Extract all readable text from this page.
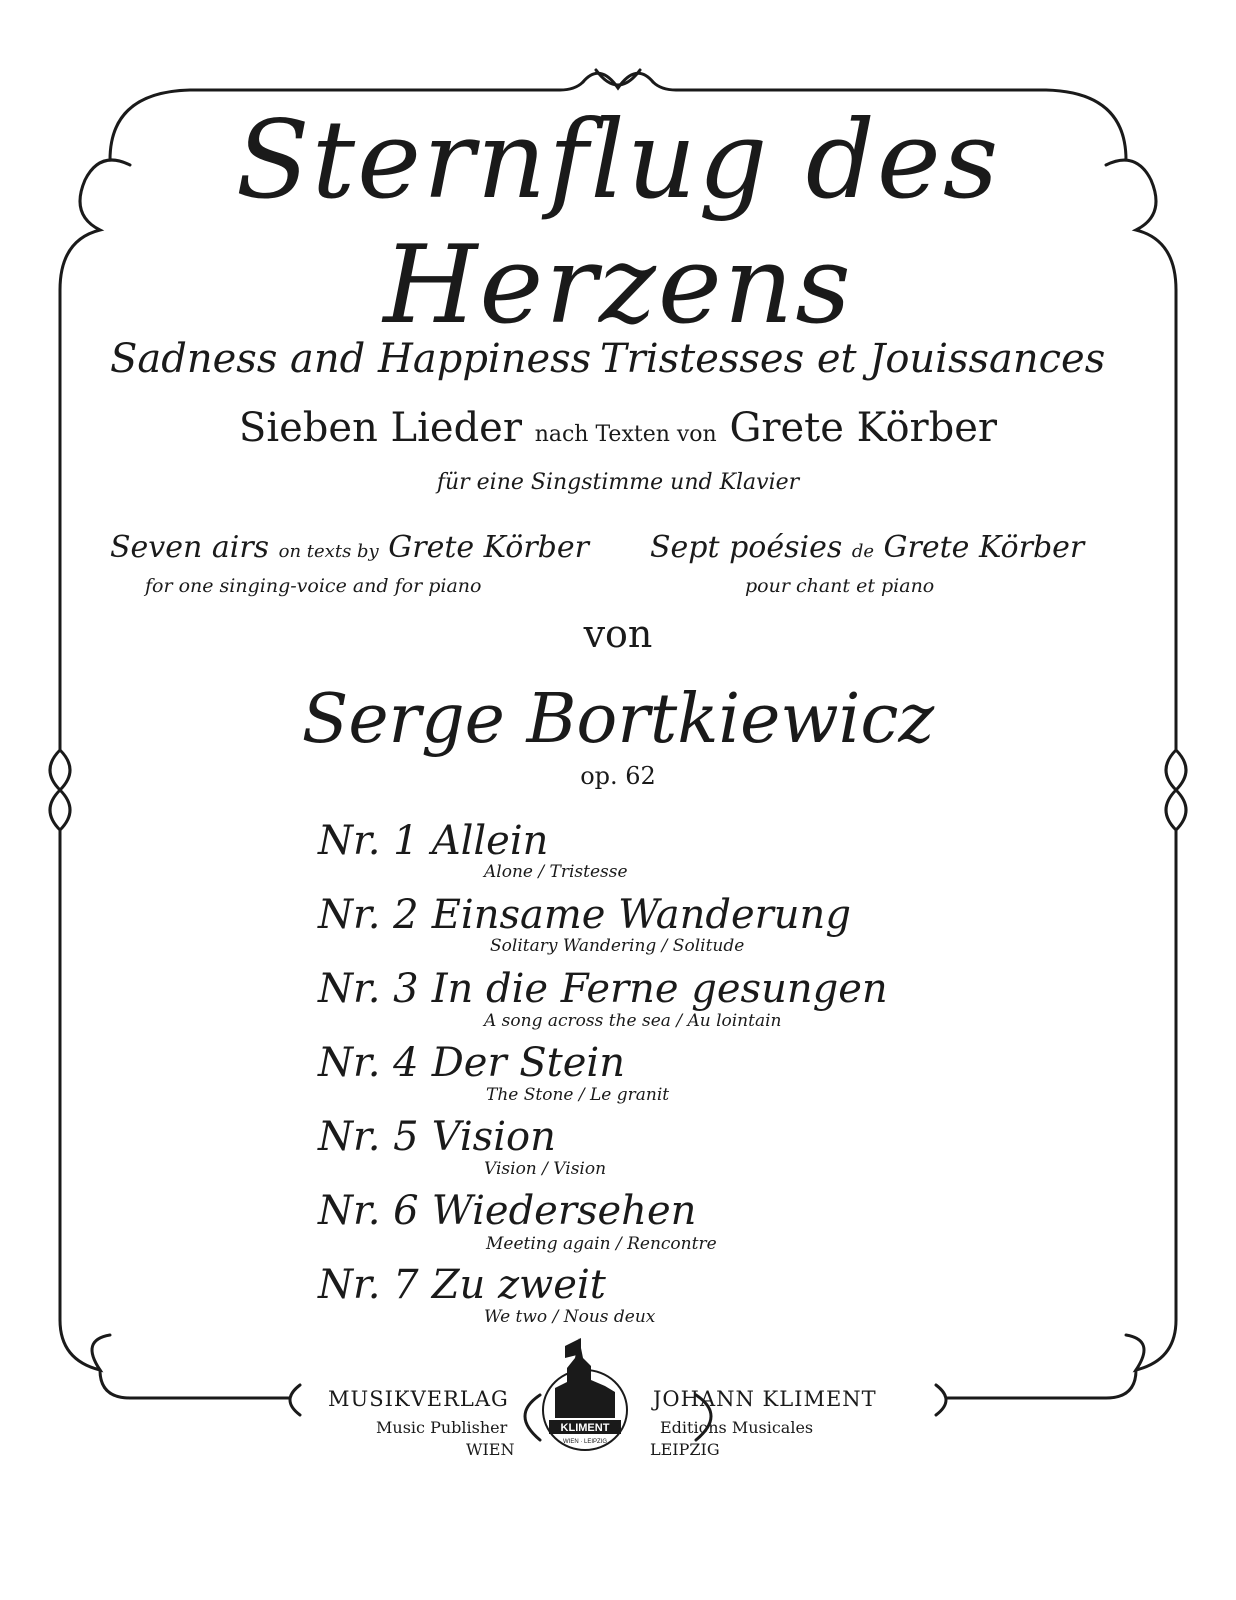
Sternflug des Herzens
Sadness and Happiness Tristesses et Jouissances
Sieben Lieder nach Texten von Grete Körber
für eine Singstimme und Klavier
Seven airs on texts by Grete Körber
for one singing-voice and for piano
Sept poésies de Grete Körber
pour chant et piano
von
Serge Bortkiewicz
op. 62
Nr. 1 Allein
Alone / Tristesse
Nr. 2 Einsame Wanderung
Solitary Wandering / Solitude
Nr. 3 In die Ferne gesungen
A song across the sea / Au lointain
Nr. 4 Der Stein
The Stone / Le granit
Nr. 5 Vision
Vision / Vision
Nr. 6 Wiedersehen
Meeting again / Rencontre
Nr. 7 Zu zweit
We two / Nous deux
MUSIKVERLAG
Music Publisher
WIEN
JOHANN KLIMENT
Editions Musicales
LEIPZIG
KLIMENT
WIEN · LEIPZIG
